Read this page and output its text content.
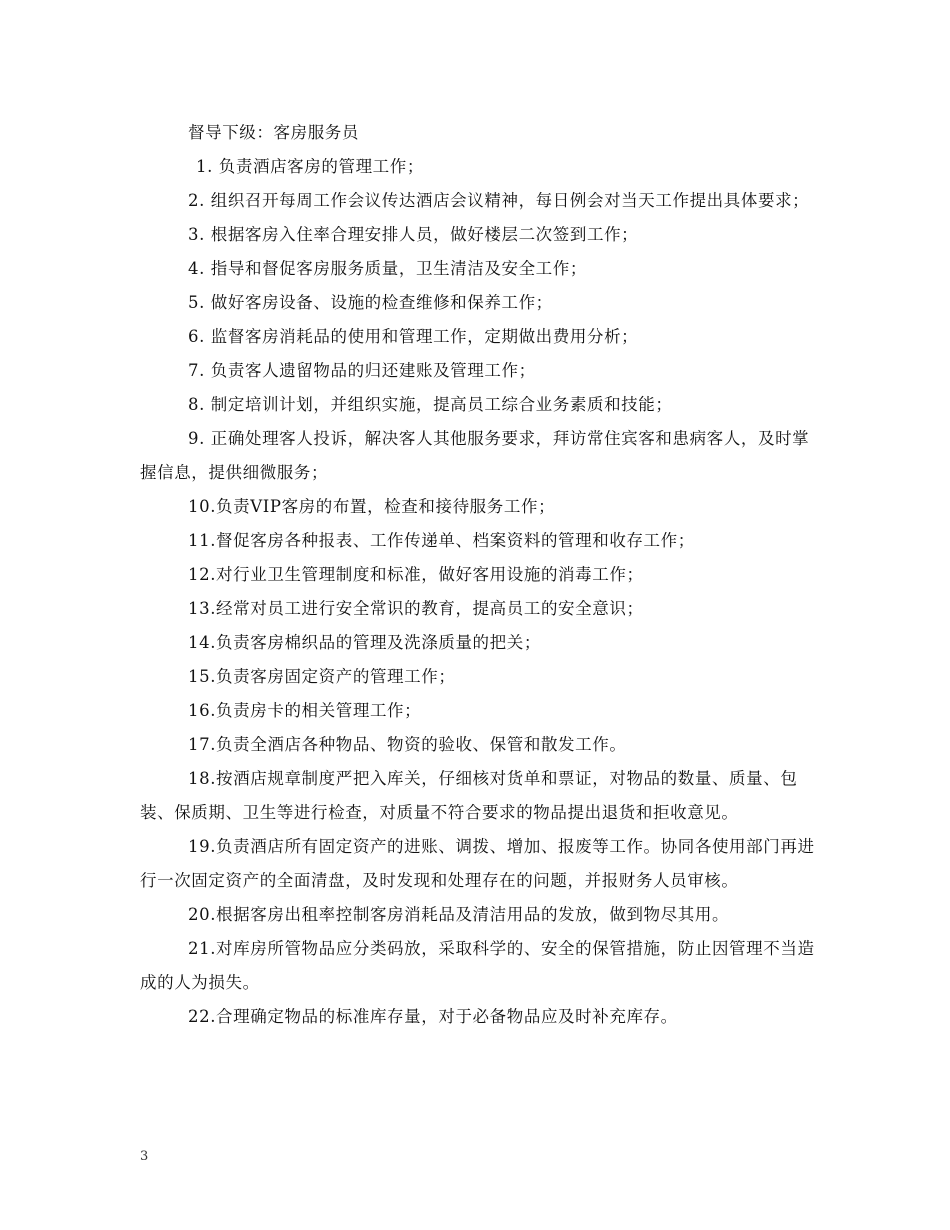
督导下级：客房服务员

1. 负责酒店客房的管理工作；

2. 组织召开每周工作会议传达酒店会议精神，每日例会对当天工作提出具体要求；

3. 根据客房入住率合理安排人员，做好楼层二次签到工作；

4. 指导和督促客房服务质量，卫生清洁及安全工作；

5. 做好客房设备、设施的检查维修和保养工作；

6. 监督客房消耗品的使用和管理工作，定期做出费用分析；

7. 负责客人遗留物品的归还建账及管理工作；

8. 制定培训计划，并组织实施，提高员工综合业务素质和技能；

9. 正确处理客人投诉，解决客人其他服务要求，拜访常住宾客和患病客人，及时掌握信息，提供细微服务；

10.负责VIP客房的布置，检查和接待服务工作；

11.督促客房各种报表、工作传递单、档案资料的管理和收存工作；

12.对行业卫生管理制度和标准，做好客用设施的消毒工作；

13.经常对员工进行安全常识的教育，提高员工的安全意识；

14.负责客房棉织品的管理及洗涤质量的把关；

15.负责客房固定资产的管理工作；

16.负责房卡的相关管理工作；

17.负责全酒店各种物品、物资的验收、保管和散发工作。

18.按酒店规章制度严把入库关，仔细核对货单和票证，对物品的数量、质量、包装、保质期、卫生等进行检查，对质量不符合要求的物品提出退货和拒收意见。

19.负责酒店所有固定资产的进账、调拨、增加、报废等工作。协同各使用部门再进行一次固定资产的全面清盘，及时发现和处理存在的问题，并报财务人员审核。

20.根据客房出租率控制客房消耗品及清洁用品的发放，做到物尽其用。

21.对库房所管物品应分类码放，采取科学的、安全的保管措施，防止因管理不当造成的人为损失。

22.合理确定物品的标准库存量，对于必备物品应及时补充库存。

3
